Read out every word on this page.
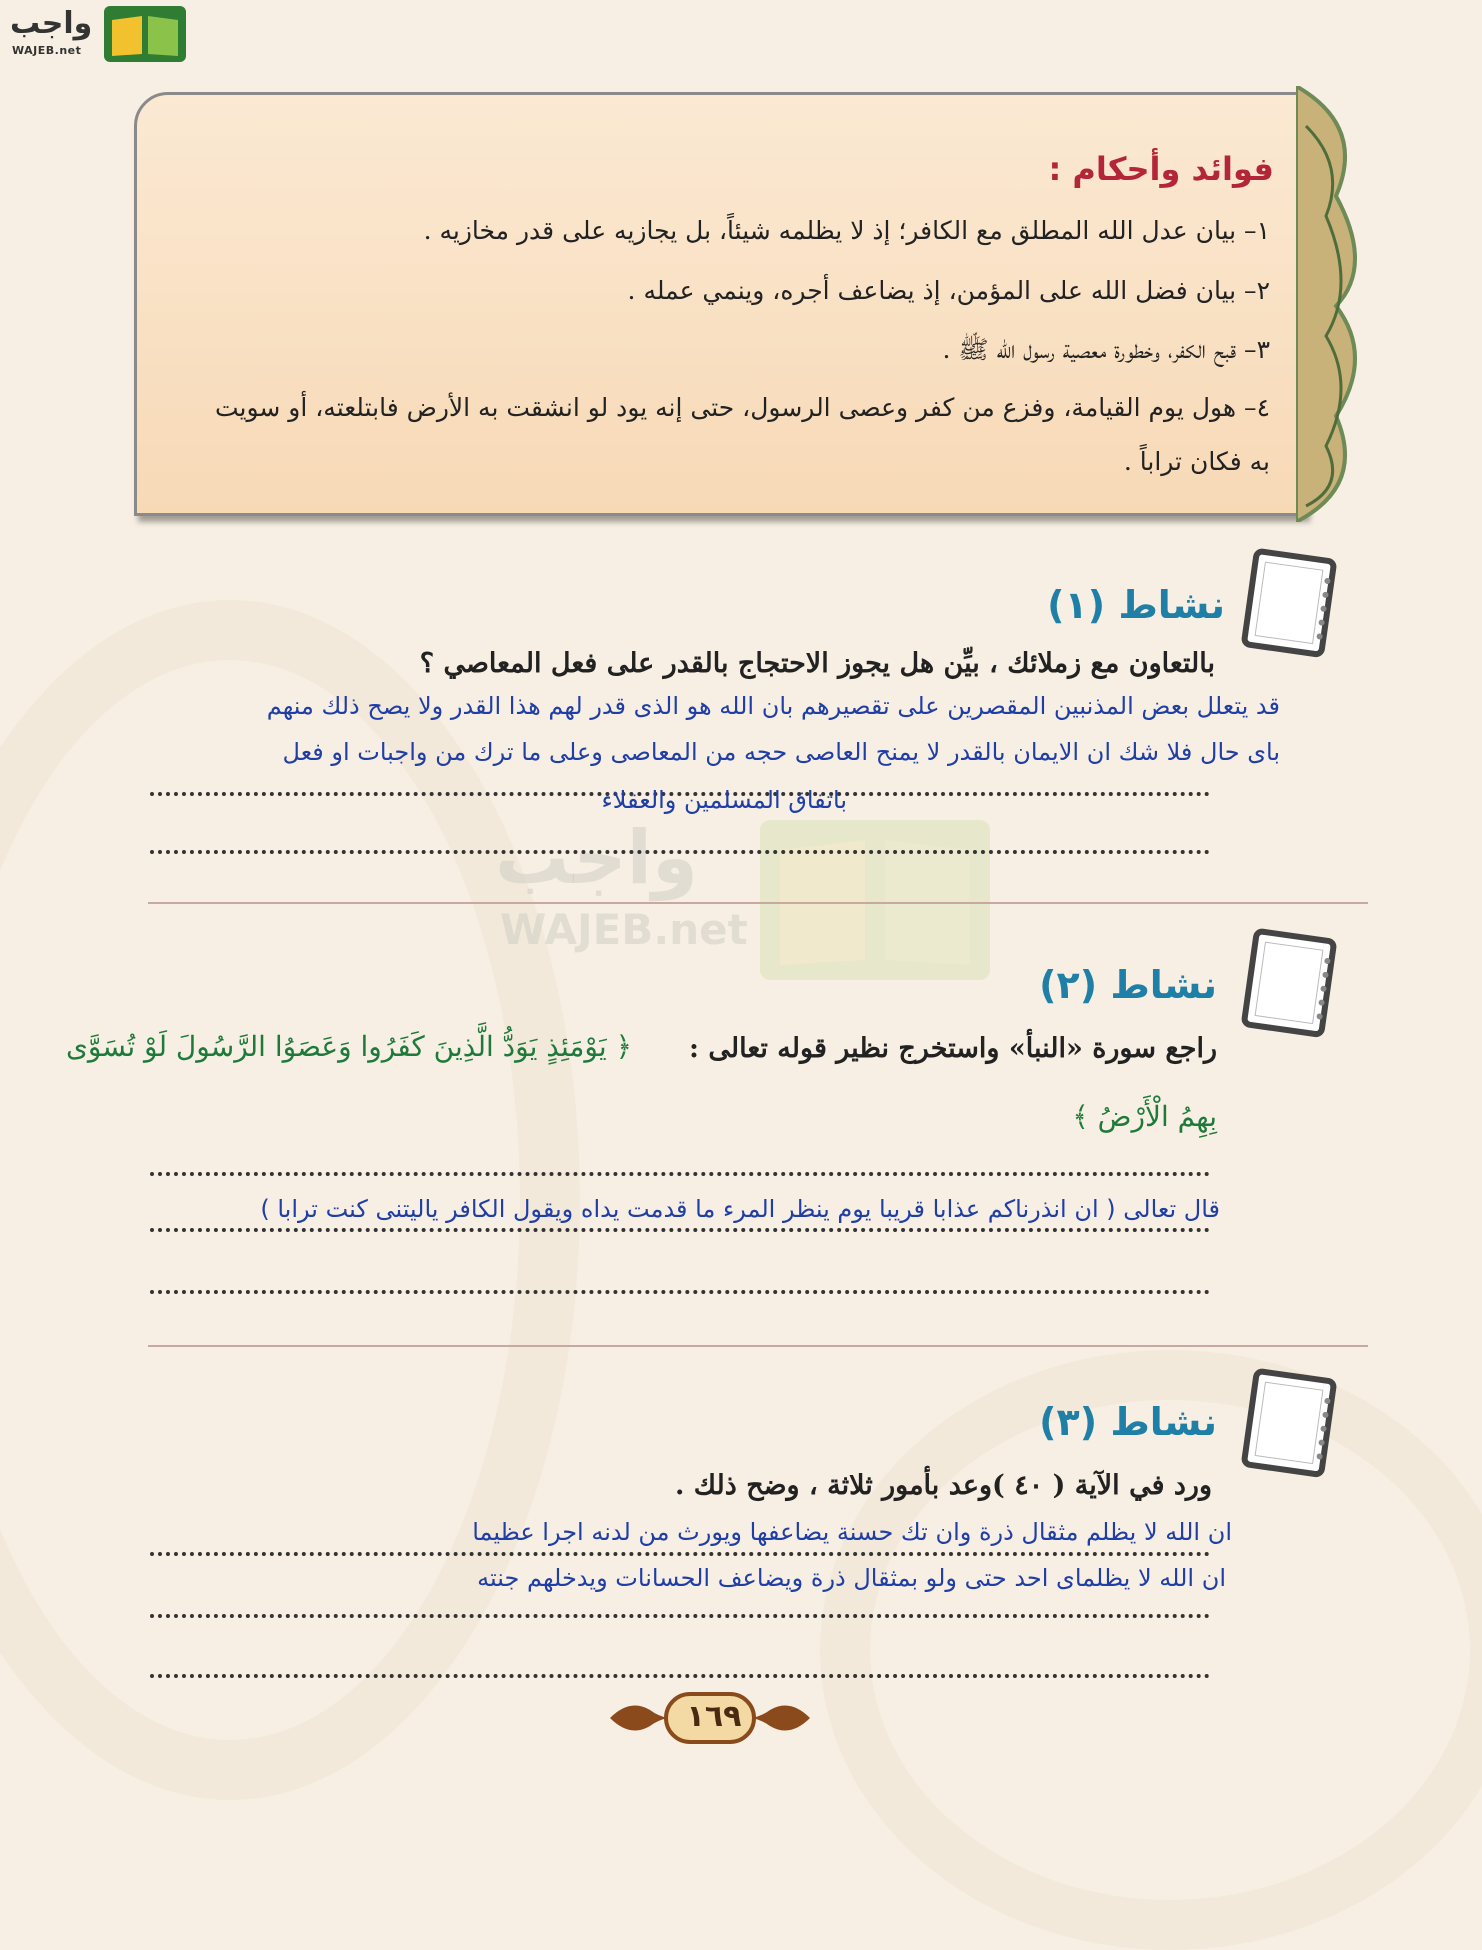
واجب
WAJEB.net
فوائد وأحكام :
١– بيان عدل الله المطلق مع الكافر؛ إذ لا يظلمه شيئاً، بل يجازيه على قدر مخازيه .
٢– بيان فضل الله على المؤمن، إذ يضاعف أجره، وينمي عمله .
٣– قبح الكفر، وخطورة معصية رسول الله ﷺ .
٤– هول يوم القيامة، وفزع من كفر وعصى الرسول، حتى إنه يود لو انشقت به الأرض فابتلعته، أو سويت
به فكان تراباً .
واجب
WAJEB.net
نشاط (١)
بالتعاون مع زملائك ، بيِّن هل يجوز الاحتجاج بالقدر على فعل المعاصي ؟
قد يتعلل بعض المذنبين المقصرين على تقصيرهم بان الله هو الذى قدر لهم هذا القدر ولا يصح ذلك منهم
باى حال فلا شك ان الايمان بالقدر لا يمنح العاصى حجه من المعاصى وعلى ما ترك من واجبات او فعل
باتفاق المسلمين والعقلاء
نشاط (٢)
راجع سورة «النبأ» واستخرج نظير قوله تعالى :
﴿ يَوْمَئِذٍ يَوَدُّ الَّذِينَ كَفَرُوا وَعَصَوُا الرَّسُولَ لَوْ تُسَوَّى
بِهِمُ الْأَرْضُ ﴾
قال تعالى ( ان انذرناكم عذابا قريبا يوم ينظر المرء ما قدمت يداه ويقول الكافر ياليتنى كنت ترابا )
نشاط (٣)
ورد في الآية ( ٤٠ )وعد بأمور ثلاثة ، وضح ذلك .
ان الله لا يظلم مثقال ذرة وان تك حسنة يضاعفها ويورث من لدنه اجرا عظيما
ان الله لا يظلماى احد حتى ولو بمثقال ذرة ويضاعف الحسانات ويدخلهم جنته
١٦٩
